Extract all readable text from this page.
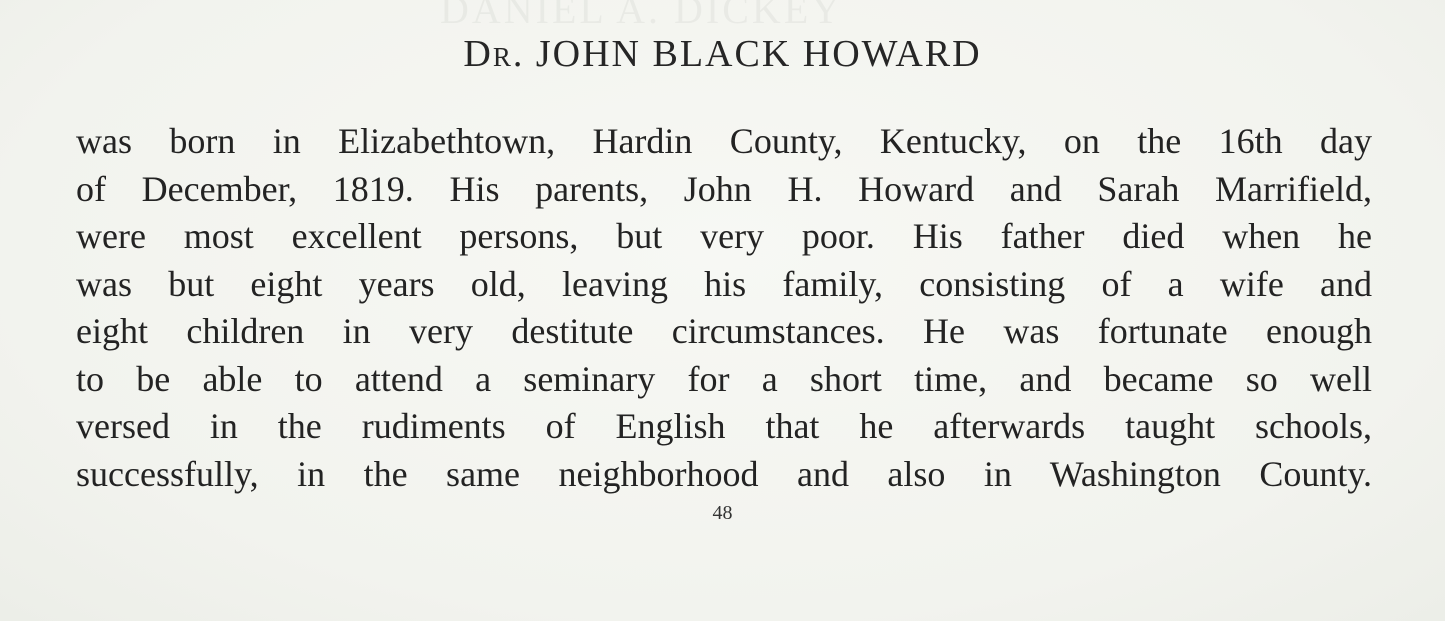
Dr. JOHN BLACK HOWARD
was born in Elizabethtown, Hardin County, Kentucky, on the 16th day
of December, 1819. His parents, John H. Howard and Sarah Marrifield,
were most excellent persons, but very poor. His father died when he
was but eight years old, leaving his family, consisting of a wife and
eight children in very destitute circumstances. He was fortunate enough
to be able to attend a seminary for a short time, and became so well
versed in the rudiments of English that he afterwards taught schools,
successfully, in the same neighborhood and also in Washington County.
48
